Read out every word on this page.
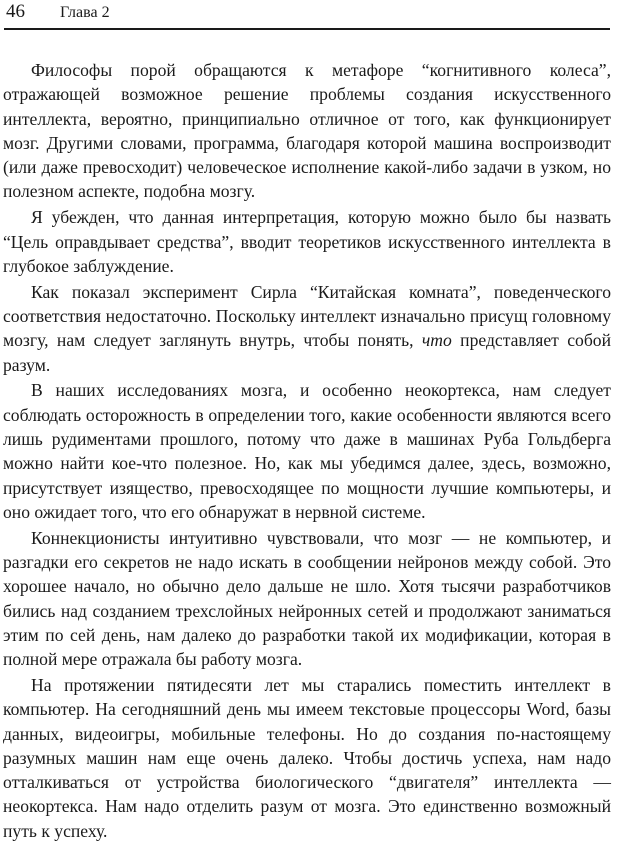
46 Глава 2

Философы порой обращаются к метафоре “когнитивного колеса”, отражающей возможное решение проблемы создания искусственного интеллекта, вероятно, принципиально отличное от того, как функционирует мозг. Другими словами, программа, благодаря которой машина воспроизводит (или даже превосходит) человеческое исполнение какой-либо задачи в узком, но полезном аспекте, подобна мозгу.

Я убежден, что данная интерпретация, которую можно было бы назвать “Цель оправдывает средства”, вводит теоретиков искусственного интеллекта в глубокое заблуждение.

Как показал эксперимент Сирла “Китайская комната”, поведенческого соответствия недостаточно. Поскольку интеллект изначально присущ головному мозгу, нам следует заглянуть внутрь, чтобы понять, что представляет собой разум.

В наших исследованиях мозга, и особенно неокортекса, нам следует соблюдать осторожность в определении того, какие особенности являются всего лишь рудиментами прошлого, потому что даже в машинах Руба Гольдберга можно найти кое-что полезное. Но, как мы убедимся далее, здесь, возможно, присутствует изящество, превосходящее по мощности лучшие компьютеры, и оно ожидает того, что его обнаружат в нервной системе.

Коннекционисты интуитивно чувствовали, что мозг — не компьютер, и разгадки его секретов не надо искать в сообщении нейронов между собой. Это хорошее начало, но обычно дело дальше не шло. Хотя тысячи разработчиков бились над созданием трехслойных нейронных сетей и продолжают заниматься этим по сей день, нам далеко до разработки такой их модификации, которая в полной мере отражала бы работу мозга.

На протяжении пятидесяти лет мы старались поместить интеллект в компьютер. На сегодняшний день мы имеем текстовые процессоры Word, базы данных, видеоигры, мобильные телефоны. Но до создания по-настоящему разумных машин нам еще очень далеко. Чтобы достичь успеха, нам надо отталкиваться от устройства биологического “двигателя” интеллекта — неокортекса. Нам надо отделить разум от мозга. Это единственно возможный путь к успеху.
